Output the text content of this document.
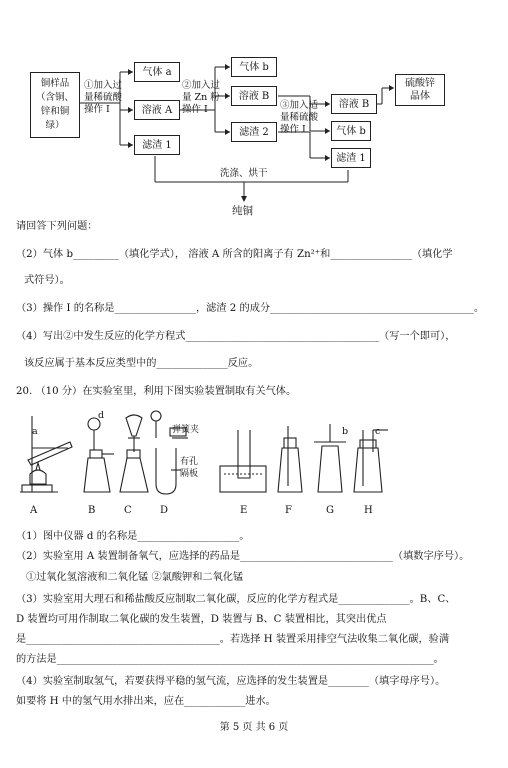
铜样品
（含铜、
锌和铜
绿）
①加入过
量稀硫酸
操作 I
气体 a
溶液 A
滤渣 1
②加入过
量 Zn 粉
操作 I
气体 b
溶液 B
滤渣 2
③加入适
量稀硫酸
操作 I
溶液 B
气体 b
滤渣 1
硫酸锌
晶体
洗涤、烘干
纯铜
请回答下列问题：
（2）气体 b_________（填化学式）， 溶液 A 所含的阳离子有 Zn²⁺和________________（填化学
式符号）。
（3）操作 I 的名称是________________，滤渣 2 的成分________________________________________。
（4）写出②中发生反应的化学方程式______________________________________（写一个即可），
该反应属于基本反应类型中的______________反应。
20. （10 分）在实验室里，利用下图实验装置制取有关气体。
a
d
弹簧夹
有孔
隔板
b	c
A	B	C	D	E	F	G	H
（1）图中仪器 d 的名称是____________________。
（2）实验室用 A 装置制备氧气，应选择的药品是______________________________（填数字序号）。
①过氧化氢溶液和二氧化锰 ②氯酸钾和二氧化锰
（3）实验室用大理石和稀盐酸反应制取二氧化碳，反应的化学方程式是______________。B、C、
D 装置均可用作制取二氧化碳的发生装置，D 装置与 B、C 装置相比，其突出优点
是______________________________________。若选择 H 装置采用排空气法收集二氧化碳，验满
的方法是__________________________________________________________________________。
（4）实验室制取氢气，若要获得平稳的氢气流，应选择的发生装置是________（填字母序号）。
如要将 H 中的氢气用水排出来，应在____________进水。
第 5 页 共 6 页
